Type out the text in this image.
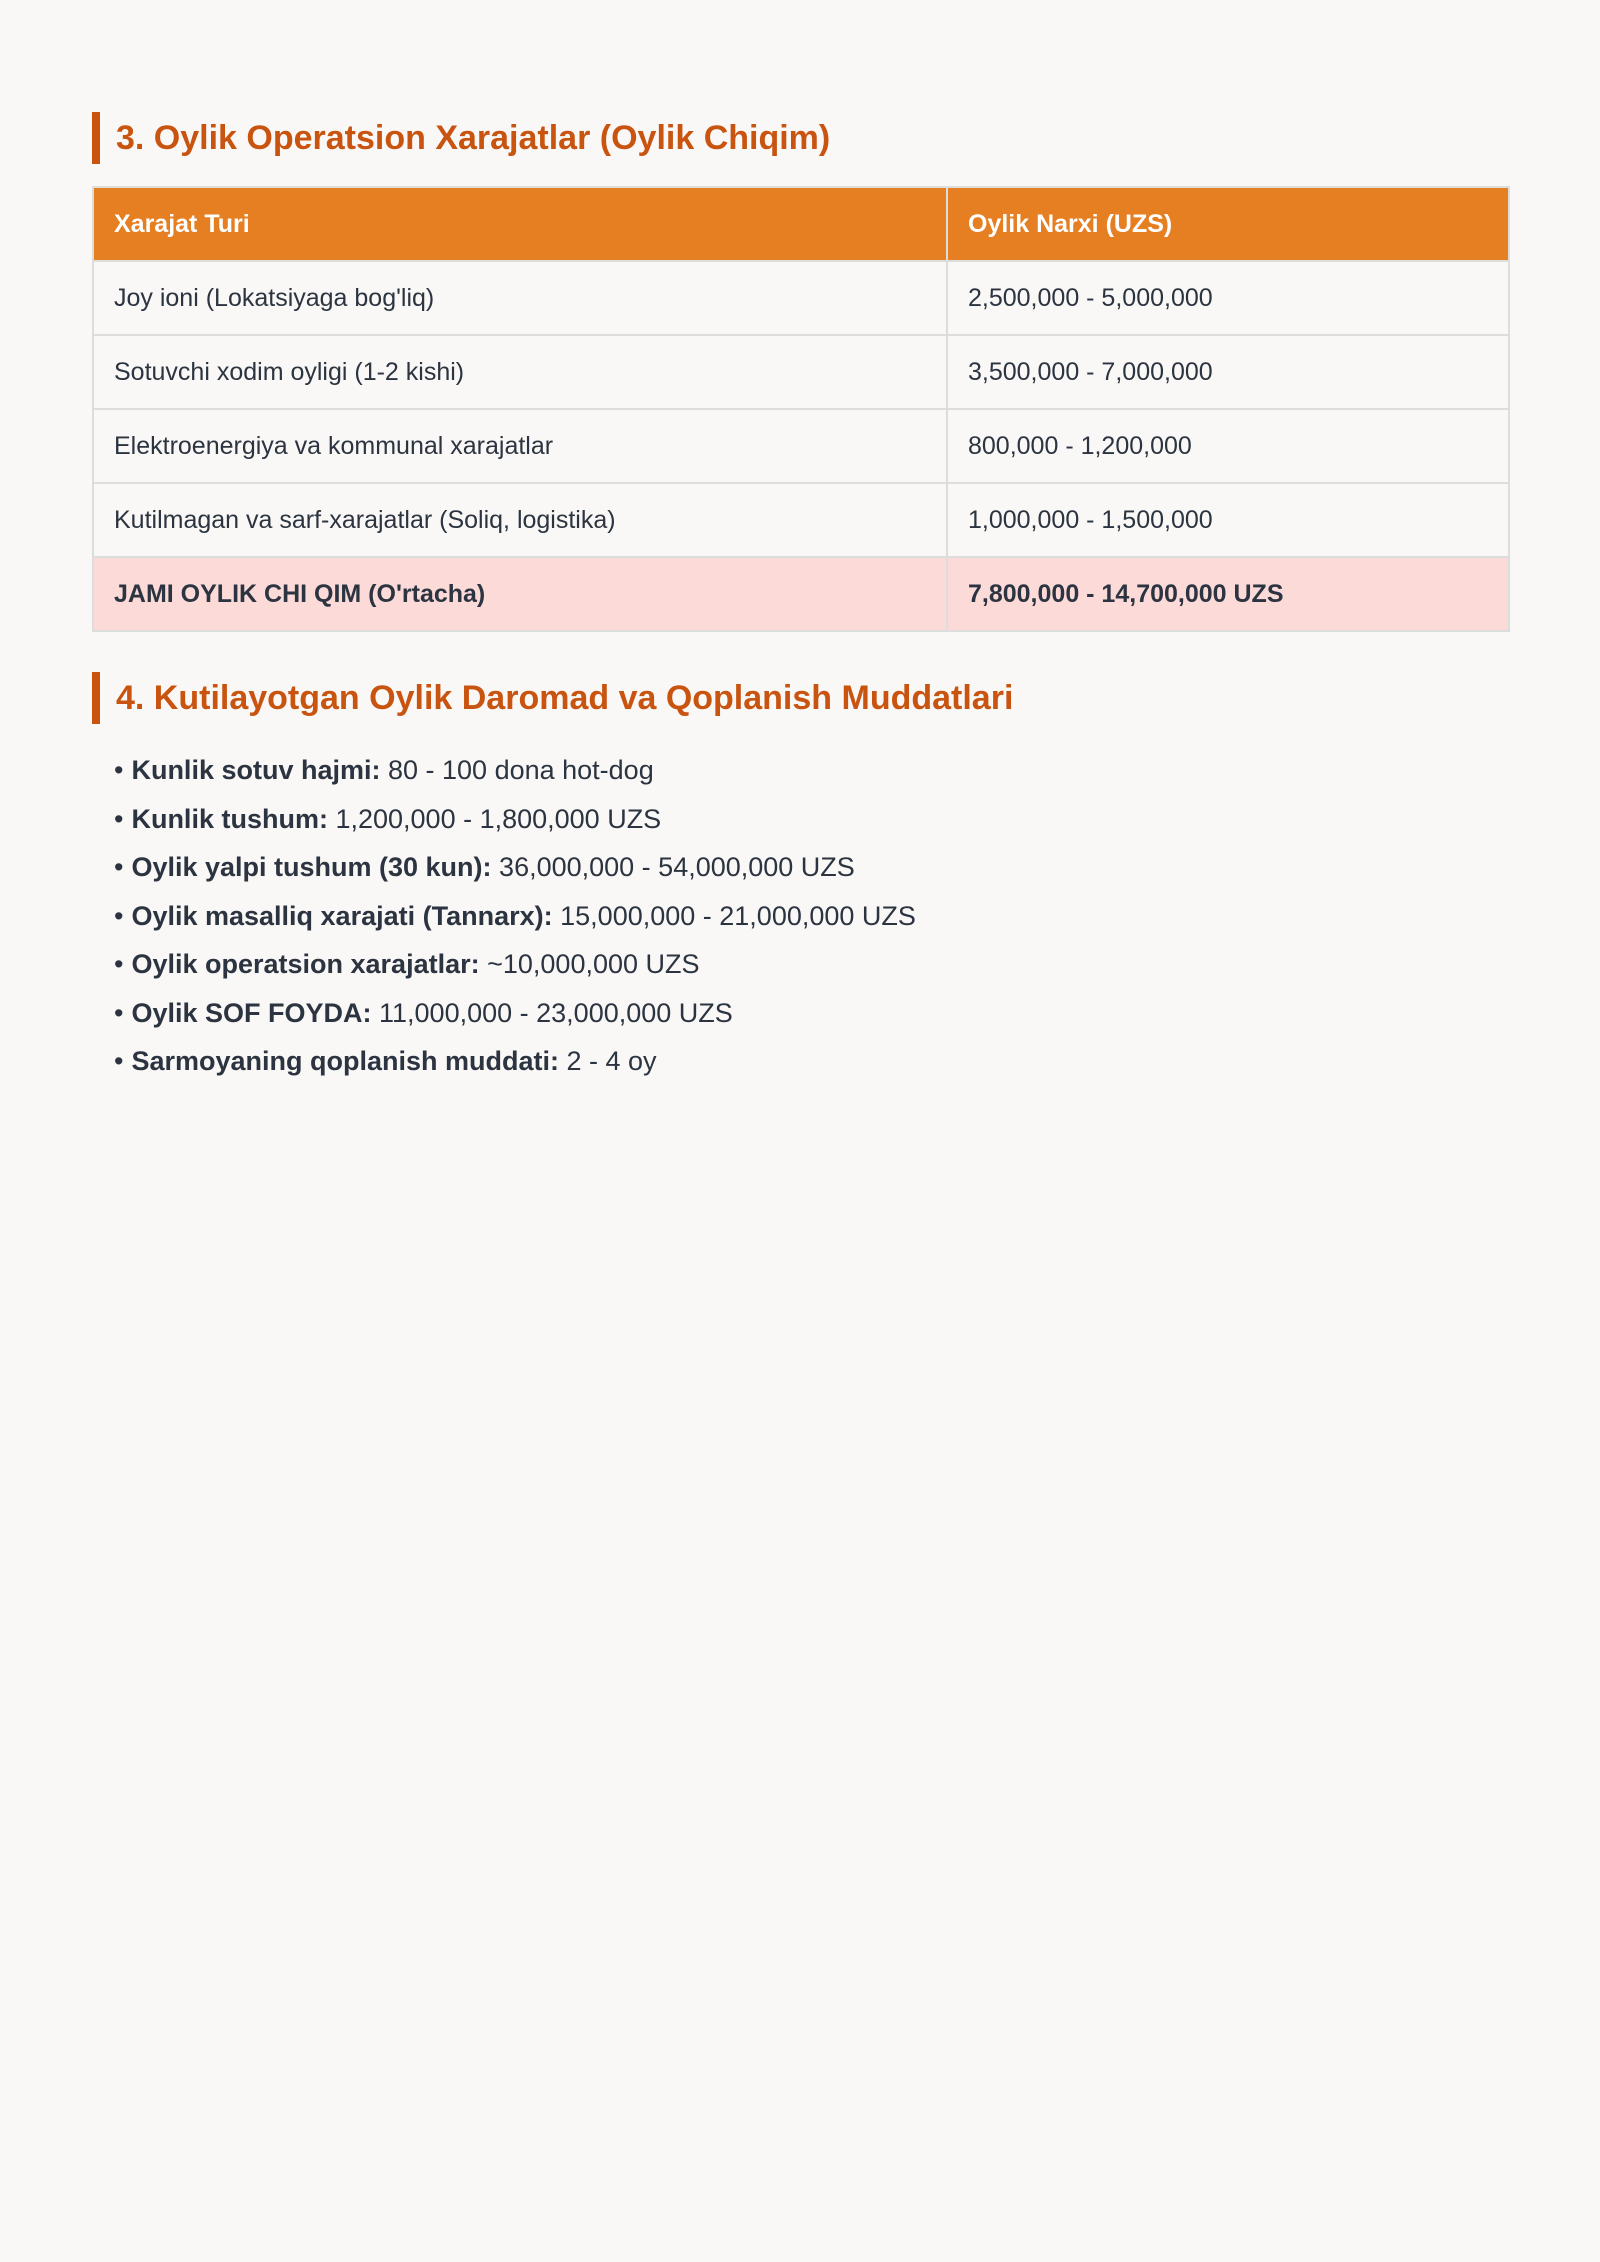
3. Oylik Operatsion Xarajatlar (Oylik Chiqim)
Xarajat Turi	Oylik Narxi (UZS)
Joy ioni (Lokatsiyaga bog'liq)	2,500,000 - 5,000,000
Sotuvchi xodim oyligi (1-2 kishi)	3,500,000 - 7,000,000
Elektroenergiya va kommunal xarajatlar	800,000 - 1,200,000
Kutilmagan va sarf-xarajatlar (Soliq, logistika)	1,000,000 - 1,500,000
JAMI OYLIK CHI QIM (O'rtacha)	7,800,000 - 14,700,000 UZS
4. Kutilayotgan Oylik Daromad va Qoplanish Muddatlari
• Kunlik sotuv hajmi: 80 - 100 dona hot-dog
• Kunlik tushum: 1,200,000 - 1,800,000 UZS
• Oylik yalpi tushum (30 kun): 36,000,000 - 54,000,000 UZS
• Oylik masalliq xarajati (Tannarx): 15,000,000 - 21,000,000 UZS
• Oylik operatsion xarajatlar: ~10,000,000 UZS
• Oylik SOF FOYDA: 11,000,000 - 23,000,000 UZS
• Sarmoyaning qoplanish muddati: 2 - 4 oy
